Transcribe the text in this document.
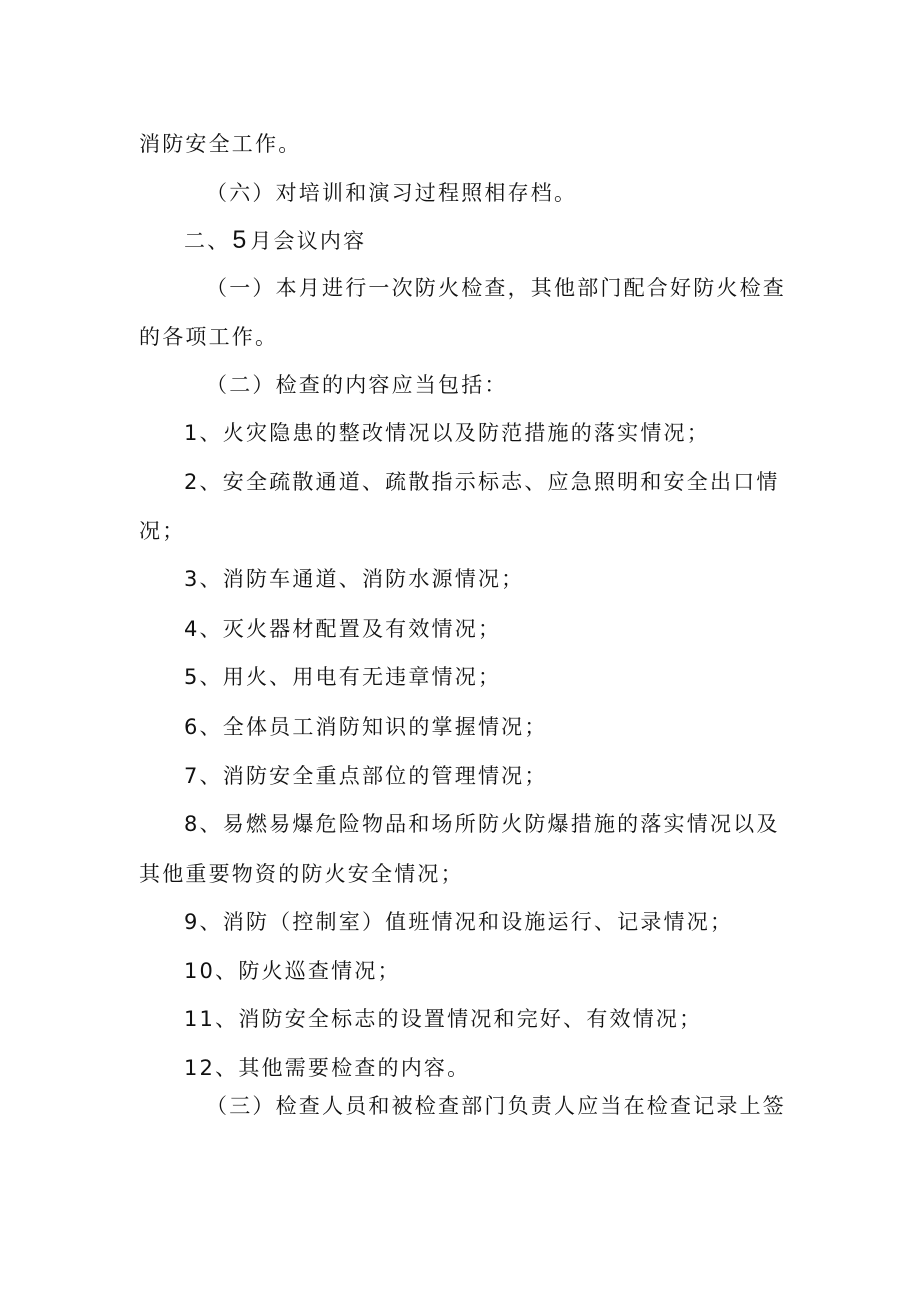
消防安全工作。
（六）对培训和演习过程照相存档。
二、5 月会议内容
（一）本月进行一次防火检查，其他部门配合好防火检查
的各项工作。
（二）检查的内容应当包括：
1、火灾隐患的整改情况以及防范措施的落实情况；
2、安全疏散通道、疏散指示标志、应急照明和安全出口情
况；
3、消防车通道、消防水源情况；
4、灭火器材配置及有效情况；
5、用火、用电有无违章情况；
6、全体员工消防知识的掌握情况；
7、消防安全重点部位的管理情况；
8、易燃易爆危险物品和场所防火防爆措施的落实情况以及
其他重要物资的防火安全情况；
9、消防（控制室）值班情况和设施运行、记录情况；
10、防火巡查情况；
11、消防安全标志的设置情况和完好、有效情况；
12、其他需要检查的内容。
（三）检查人员和被检查部门负责人应当在检查记录上签
